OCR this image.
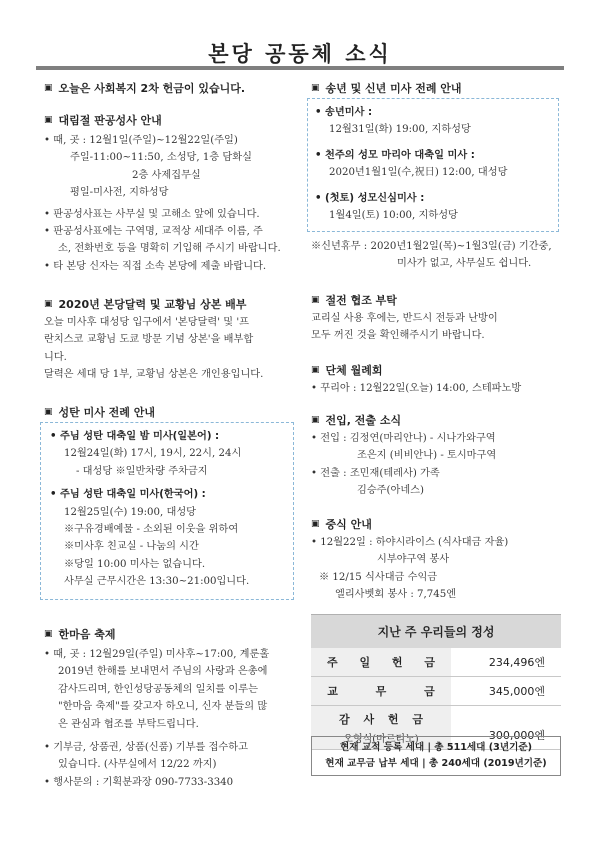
본당 공동체 소식
▣ 오늘은 사회복지 2차 헌금이 있습니다.
▣ 대림절 판공성사 안내
• 때, 곳 : 12월1일(주일)~12월22일(주일)
주일-11:00~11:50, 소성당, 1층 담화실
2층 사제집무실
평일-미사전, 지하성당
• 판공성사표는 사무실 및 고해소 앞에 있습니다.
• 판공성사표에는 구역명, 교적상 세대주 이름, 주
소, 전화번호 등을 명확히 기입해 주시기 바랍니다.
• 타 본당 신자는 직접 소속 본당에 제출 바랍니다.
▣ 2020년 본당달력 및 교황님 상본 배부
오늘 미사후 대성당 입구에서 '본당달력' 및 '프
란치스코 교황님 도쿄 방문 기념 상본'을 배부합
니다.
달력은 세대 당 1부, 교황님 상본은 개인용입니다.
▣ 성탄 미사 전례 안내
• 주님 성탄 대축일 밤 미사(일본어) :
12월24일(화) 17시, 19시, 22시, 24시
- 대성당 ※일반차량 주차금지
• 주님 성탄 대축일 미사(한국어) :
12월25일(수) 19:00, 대성당
※구유경배예물 - 소외된 이웃을 위하여
※미사후 친교실 - 나눔의 시간
※당일 10:00 미사는 없습니다.
사무실 근무시간은 13:30~21:00입니다.
▣ 한마음 축제
• 때, 곳 : 12월29일(주일) 미사후~17:00, 계룬홀
2019년 한해를 보내면서 주님의 사랑과 은총에
감사드리며, 한인성당공동체의 일치를 이루는
"한마음 축제"를 갖고자 하오니, 신자 분들의 많
은 관심과 협조를 부탁드립니다.
• 기부금, 상품권, 상품(신품) 기부를 접수하고
있습니다. (사무실에서 12/22 까지)
• 행사문의 : 기획분과장 090-7733-3340
▣ 송년 및 신년 미사 전례 안내
• 송년미사 :
12월31일(화) 19:00, 지하성당
• 천주의 성모 마리아 대축일 미사 :
2020년1월1일(수,祝日) 12:00, 대성당
• (첫토) 성모신심미사 :
1월4일(토) 10:00, 지하성당
※신년휴무 : 2020년1월2일(목)~1월3일(금) 기간중,
미사가 없고, 사무실도 쉽니다.
▣ 절전 협조 부탁
교리실 사용 후에는, 반드시 전등과 난방이
모두 꺼진 것을 확인해주시기 바랍니다.
▣ 단체 월례회
• 꾸리아 : 12월22일(오늘) 14:00, 스테파노방
▣ 전입, 전출 소식
• 전입 : 김정연(마리안나) - 시나가와구역
조은지 (비비안나) - 토시마구역
• 전출 : 조민재(테레사) 가족
김승주(아네스)
▣ 중식 안내
• 12월22일 : 하야시라이스 (식사대금 자율)
시부야구역 봉사
※ 12/15 식사대금 수익금
엘리사벳회 봉사 : 7,745엔
지난 주 우리들의 정성
주 일 헌 금	234,496엔
교 무 금	345,000엔
감 사 헌 금
오형식(마르티노)	300,000엔
현재 교적 등록 세대 | 총 511세대 (3년기준)
현재 교무금 납부 세대 | 총 240세대 (2019년기준)
